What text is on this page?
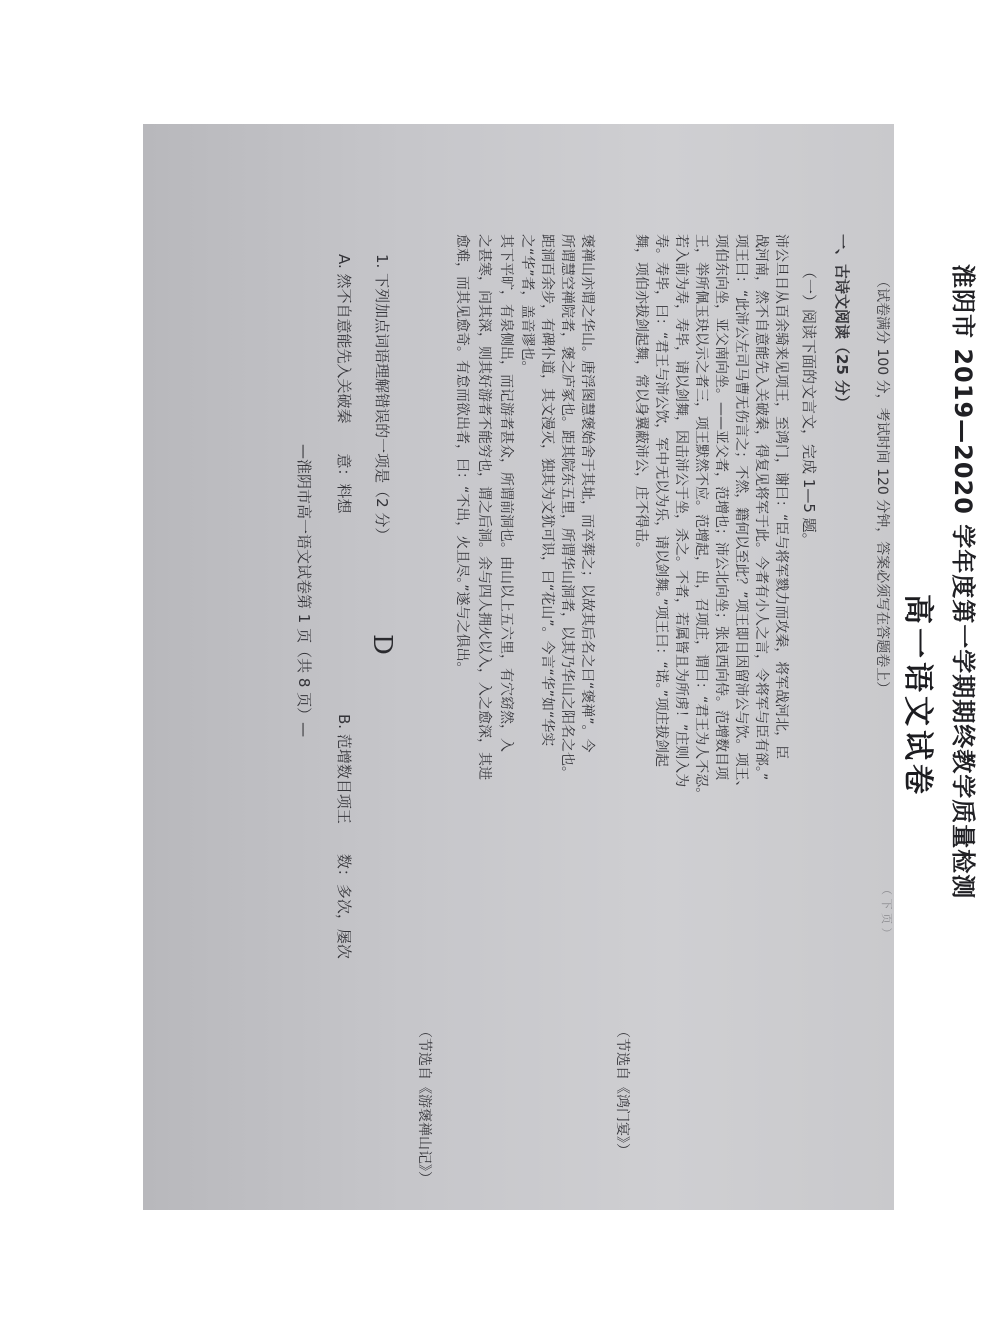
淮阴市 2019—2020 学年度第一学期期终教学质量检测
高一语文试卷
（试卷满分 100 分，考试时间 120 分钟，答案必须写在答题卷上）
（ 下 页 ）
一、古诗文阅读（25 分）
（一）阅读下面的文言文，完成 1—5 题。
沛公旦日从百余骑来见项王，至鸿门，谢曰：“臣与将军戮力而攻秦，将军战河北，臣
战河南，然不自意能先入关破秦，得复见将军于此。今者有小人之言，令将军与臣有郤。”
项王曰：“此沛公左司马曹无伤言之；不然，籍何以至此？”项王即日因留沛公与饮。项王、
项伯东向坐，亚父南向坐。——亚父者，范增也；沛公北向坐；张良西向侍。范增数目项
王，举所佩玉玦以示之者三，项王默然不应。范增起，出，召项庄，谓曰：“君王为人不忍。
若入前为寿，寿毕，请以剑舞，因击沛公于坐，杀之。不者，若属皆且为所虏！”庄则入为
寿。寿毕，曰：“君王与沛公饮，军中无以为乐，请以剑舞。”项王曰：“诺。”项庄拔剑起
舞，项伯亦拔剑起舞，常以身翼蔽沛公，庄不得击。
（节选自《鸿门宴》）
褒禅山亦谓之华山。唐浮图慧褒始舍于其址，而卒葬之；以故其后名之曰“褒禅”。今
所谓慧空禅院者，褒之庐冢也。距其院东五里，所谓华山洞者，以其乃华山之阳名之也。
距洞百余步，有碑仆道，其文漫灭，独其为文犹可识，曰“花山”。今言“华”如“华实
之“华”者，盖音谬也。
其下平旷，有泉侧出，而记游者甚众，所谓前洞也。由山以上五六里，有穴窈然，入
之甚寒，问其深，则其好游者不能穷也，谓之后洞。余与四人拥火以入，入之愈深，其进
愈难，而其见愈奇。有怠而欲出者，曰：“不出，火且尽。”遂与之俱出。
（节选自《游褒禅山记》）
1. 下列加点词语理解错误的一项是（2 分）
D
A. 然不自意能先入关破秦　　意：料想
B. 范增数目项王　　数：多次，屡次
—淮阴市高一语文试卷第 1 页（共 8 页）—
